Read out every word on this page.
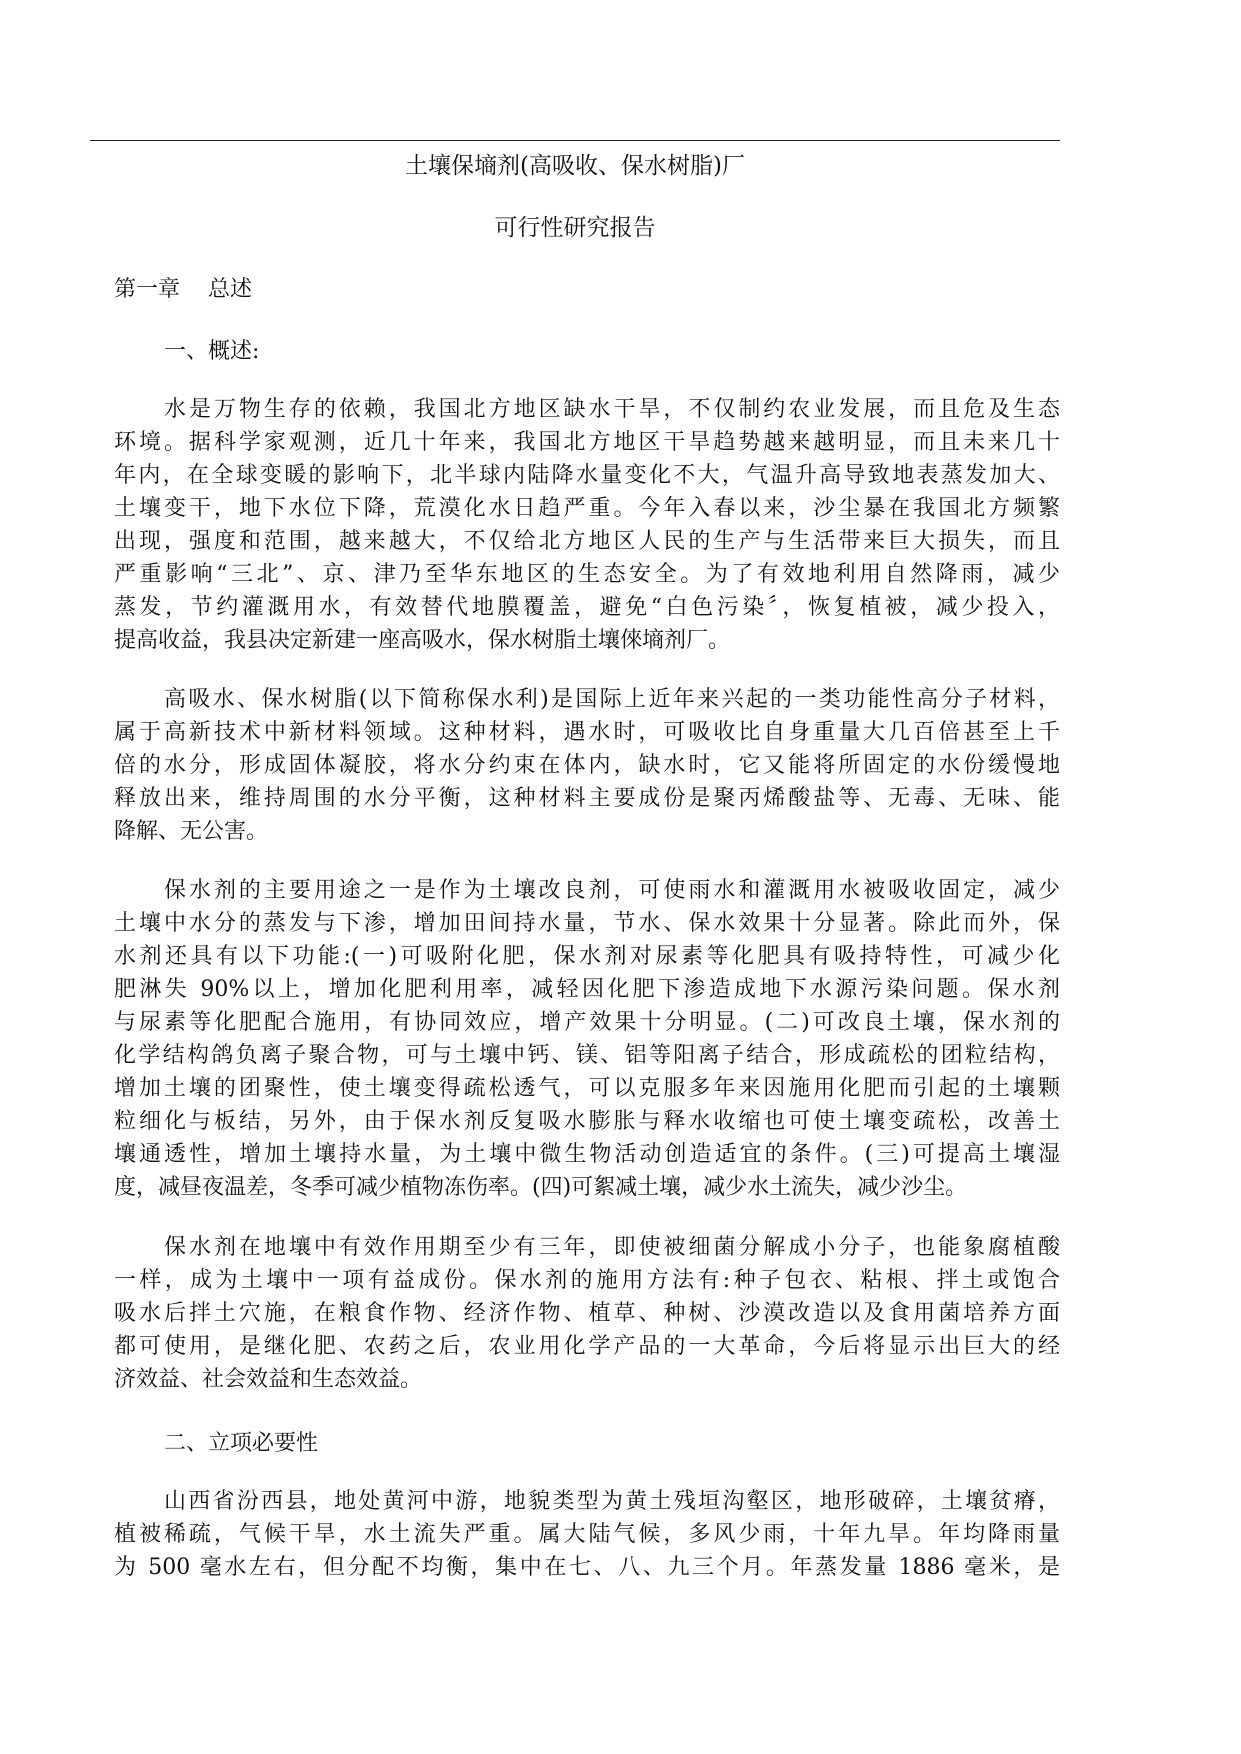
土壤保墒剂(高吸收、保水树脂)厂
可行性研究报告
第一章 总述
一、概述:
水是万物生存的依赖，我国北方地区缺水干旱，不仅制约农业发展，而且危及生态
环境。据科学家观测，近几十年来，我国北方地区干旱趋势越来越明显，而且未来几十
年内，在全球变暖的影响下，北半球内陆降水量变化不大，气温升高导致地表蒸发加大、
土壤变干，地下水位下降，荒漠化水日趋严重。今年入春以来，沙尘暴在我国北方频繁
出现，强度和范围，越来越大，不仅给北方地区人民的生产与生活带来巨大损失，而且
严重影响“三北”、京、津乃至华东地区的生态安全。为了有效地利用自然降雨，减少
蒸发，节约灌溉用水，有效替代地膜覆盖，避免“白色污染〞，恢复植被，减少投入，
提高收益，我县决定新建一座高吸水，保水树脂土壤倈墒剂厂。
高吸水、保水树脂(以下简称保水利)是国际上近年来兴起的一类功能性高分子材料，
属于高新技术中新材料领域。这种材料，遇水时，可吸收比自身重量大几百倍甚至上千
倍的水分，形成固体凝胶，将水分约束在体内，缺水时，它又能将所固定的水份缓慢地
释放出来，维持周围的水分平衡，这种材料主要成份是聚丙烯酸盐等、无毒、无味、能
降解、无公害。
保水剂的主要用途之一是作为土壤改良剂，可使雨水和灌溉用水被吸收固定，减少
土壤中水分的蒸发与下渗，增加田间持水量，节水、保水效果十分显著。除此而外，保
水剂还具有以下功能:(一)可吸附化肥，保水剂对尿素等化肥具有吸持特性，可减少化
肥淋失 90%以上，增加化肥利用率，减轻因化肥下渗造成地下水源污染问题。保水剂
与尿素等化肥配合施用，有协同效应，增产效果十分明显。(二)可改良土壤，保水剂的
化学结构鸽负离子聚合物，可与土壤中钙、镁、铝等阳离子结合，形成疏松的团粒结构，
增加土壤的团聚性，使土壤变得疏松透气，可以克服多年来因施用化肥而引起的土壤颗
粒细化与板结，另外，由于保水剂反复吸水膨胀与释水收缩也可使土壤变疏松，改善土
壤通透性，增加土壤持水量，为土壤中微生物活动创造适宜的条件。(三)可提高土壤湿
度，减昼夜温差，冬季可减少植物冻伤率。(四)可絮减土壤，减少水土流失，减少沙尘。
保水剂在地壤中有效作用期至少有三年，即使被细菌分解成小分子，也能象腐植酸
一样，成为土壤中一项有益成份。保水剂的施用方法有:种子包衣、粘根、拌土或饱合
吸水后拌土穴施，在粮食作物、经济作物、植草、种树、沙漠改造以及食用菌培养方面
都可使用，是继化肥、农药之后，农业用化学产品的一大革命，今后将显示出巨大的经
济效益、社会效益和生态效益。
二、立项必要性
山西省汾西县，地处黄河中游，地貌类型为黄土残垣沟壑区，地形破碎，土壤贫瘠，
植被稀疏，气候干旱，水土流失严重。属大陆气候，多风少雨，十年九旱。年均降雨量
为 500 毫水左右，但分配不均衡，集中在七、八、九三个月。年蒸发量 1886 毫米，是
